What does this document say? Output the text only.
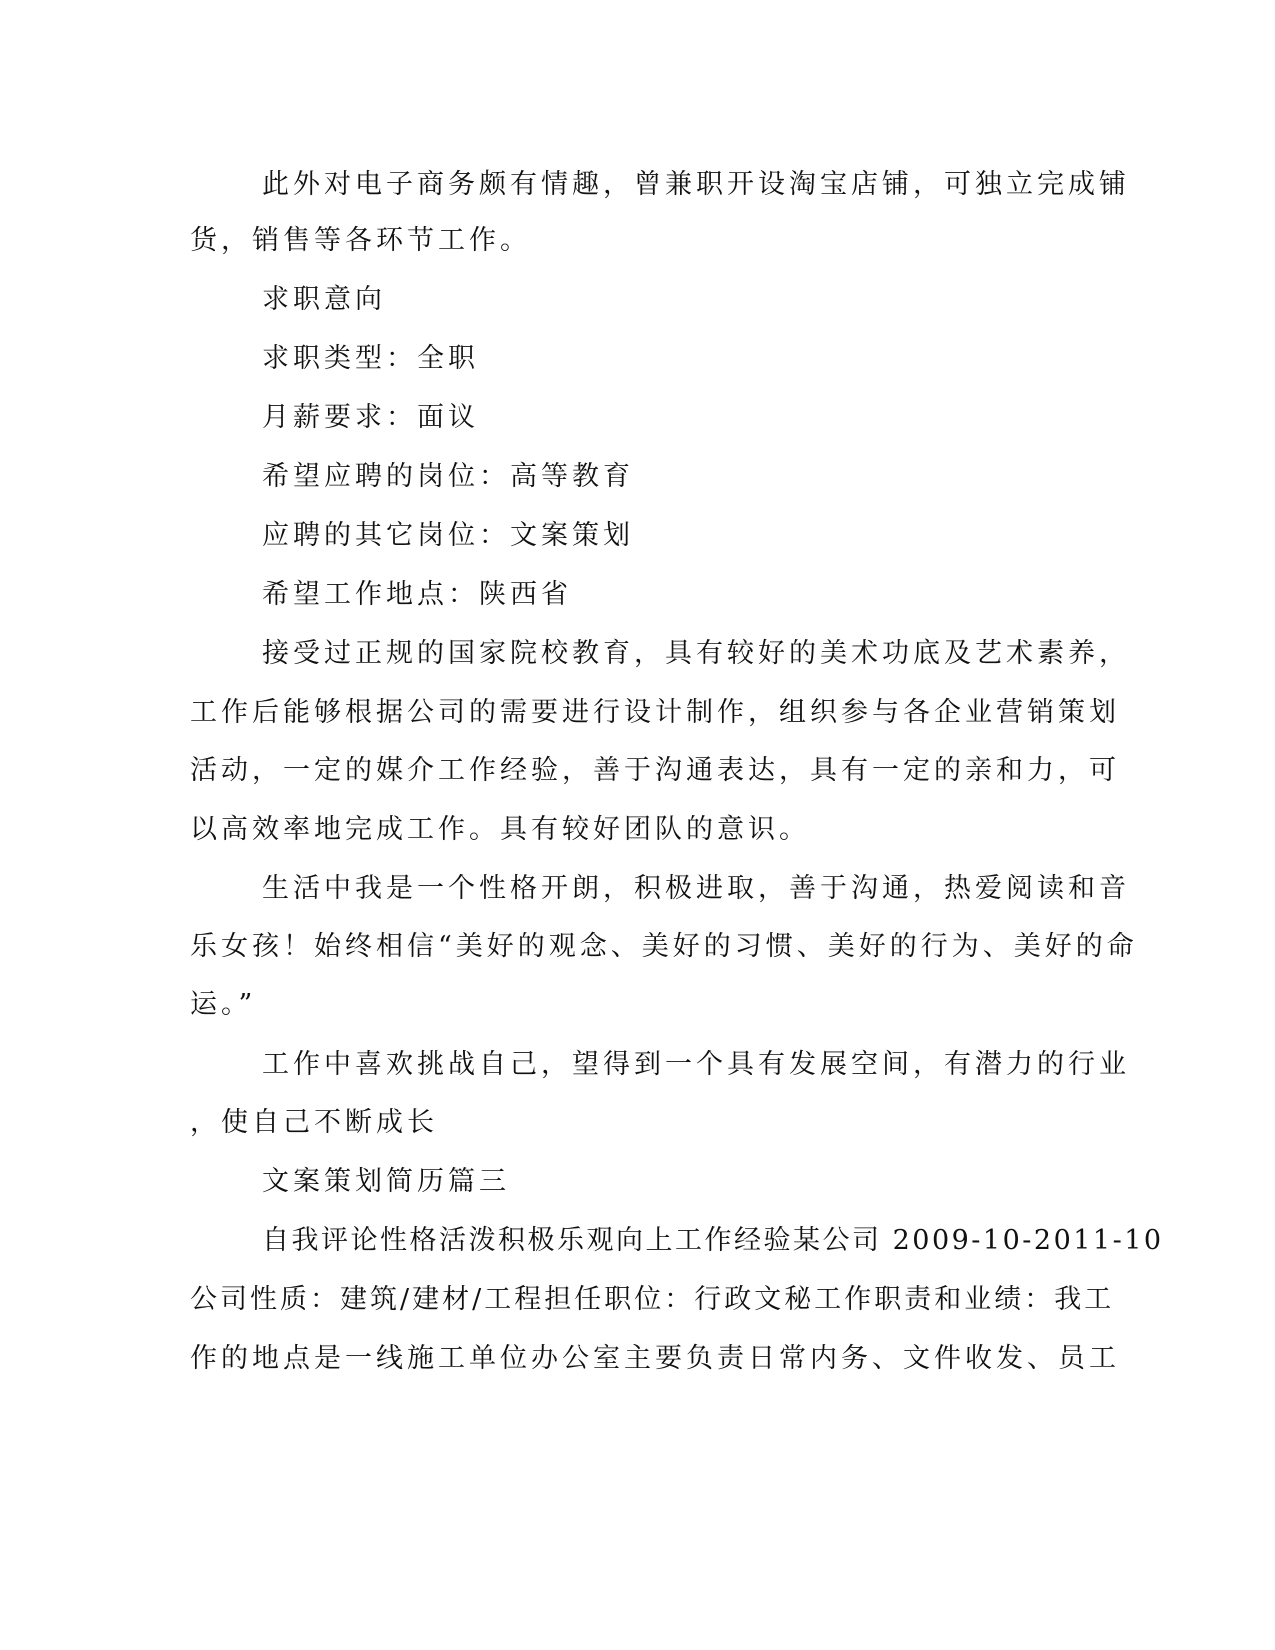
此外对电子商务颇有情趣，曾兼职开设淘宝店铺，可独立完成铺
货，销售等各环节工作。
求职意向
求职类型：全职
月薪要求：面议
希望应聘的岗位：高等教育
应聘的其它岗位：文案策划
希望工作地点：陕西省
接受过正规的国家院校教育，具有较好的美术功底及艺术素养，
工作后能够根据公司的需要进行设计制作，组织参与各企业营销策划
活动，一定的媒介工作经验，善于沟通表达，具有一定的亲和力，可
以高效率地完成工作。具有较好团队的意识。
生活中我是一个性格开朗，积极进取，善于沟通，热爱阅读和音
乐女孩！始终相信“美好的观念、美好的习惯、美好的行为、美好的命
运。”
工作中喜欢挑战自己，望得到一个具有发展空间，有潜力的行业
，使自己不断成长
文案策划简历篇三
自我评论性格活泼积极乐观向上工作经验某公司 2009-10-2011-10
公司性质：建筑/建材/工程担任职位：行政文秘工作职责和业绩：我工
作的地点是一线施工单位办公室主要负责日常内务、文件收发、员工
